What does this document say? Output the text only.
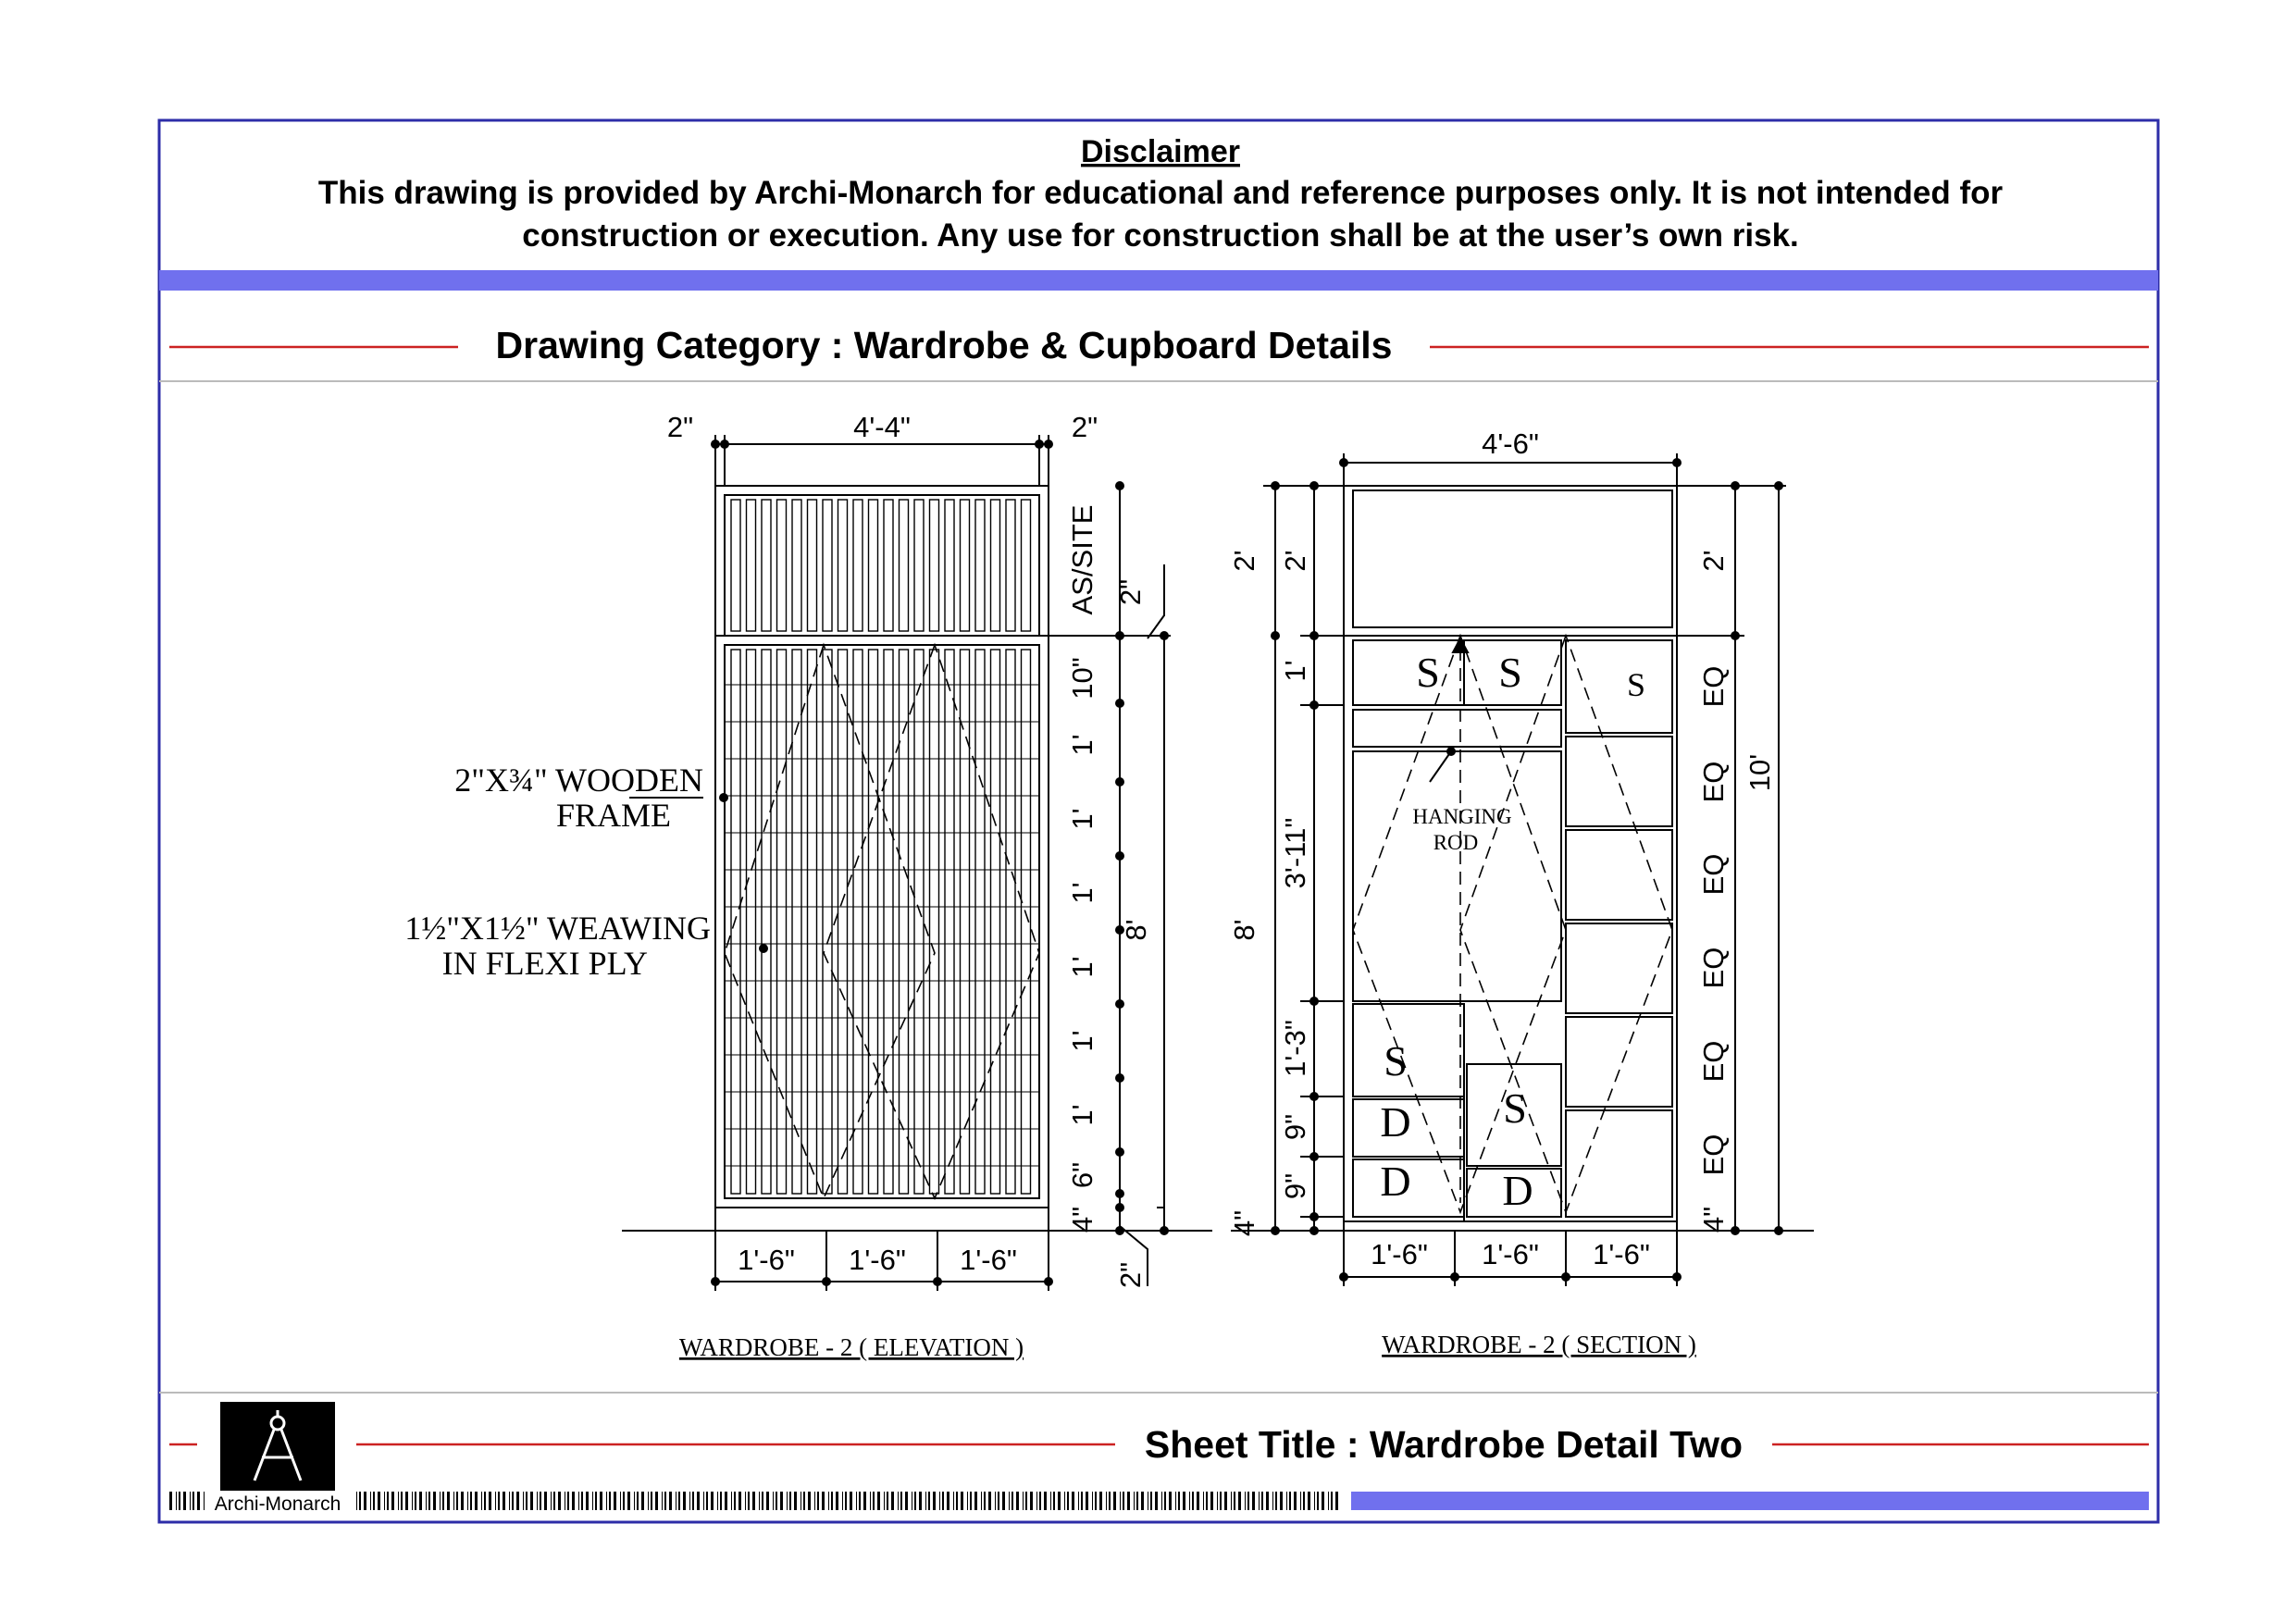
Disclaimer
This drawing is provided by Archi-Monarch for educational and reference purposes only. It is not intended for
construction or execution. Any use for construction shall be at the user’s own risk.
Drawing Category : Wardrobe & Cupboard Details
Sheet Title : Wardrobe Detail Two
Archi-Monarch
2"	4'-4"	2"
1'-6" 1'-6" 1'-6"
AS/SITE 2"
10"
1'
1'
1'
1'
1'
1'
6"
4"
2"
8'
2"X¾" WOODEN
FRAME
1½"X1½" WEAWING
IN FLEXI PLY
WARDROBE - 2 ( ELEVATION )
S S	S
S
D
D
S
D
HANGING
ROD
4'-6"
1'-6" 1'-6" 1'-6"
2'
8'
4"
2'
1'
3'-11"
1'-3"
9"
9"
2'
EQ
EQ
EQ
EQ
EQ
EQ
4"
10'
WARDROBE - 2 ( SECTION )
